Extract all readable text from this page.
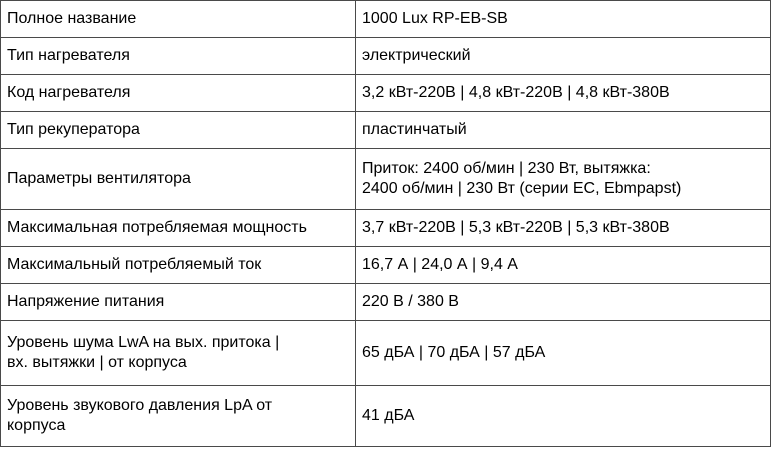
Полное название	1000 Lux RP-EB-SB
Тип нагревателя	электрический
Код нагревателя	3,2 кВт-220В | 4,8 кВт-220В | 4,8 кВт-380В
Тип рекуператора	пластинчатый
Параметры вентилятора	Приток: 2400 об/мин | 230 Вт, вытяжка:
2400 об/мин | 230 Вт (серии ЕС, Ebmpapst)

Максимальная потребляемая мощность	3,7 кВт-220В | 5,3 кВт-220В | 5,3 кВт-380В
Максимальный потребляемый ток	16,7 А | 24,0 А | 9,4 А
Напряжение питания	220 В / 380 В

Уровень шума LwA на вых. притока |
вх. вытяжки | от корпуса	65 дБА | 70 дБА | 57 дБА

Уровень звукового давления LpA от
корпуса	41 дБА
